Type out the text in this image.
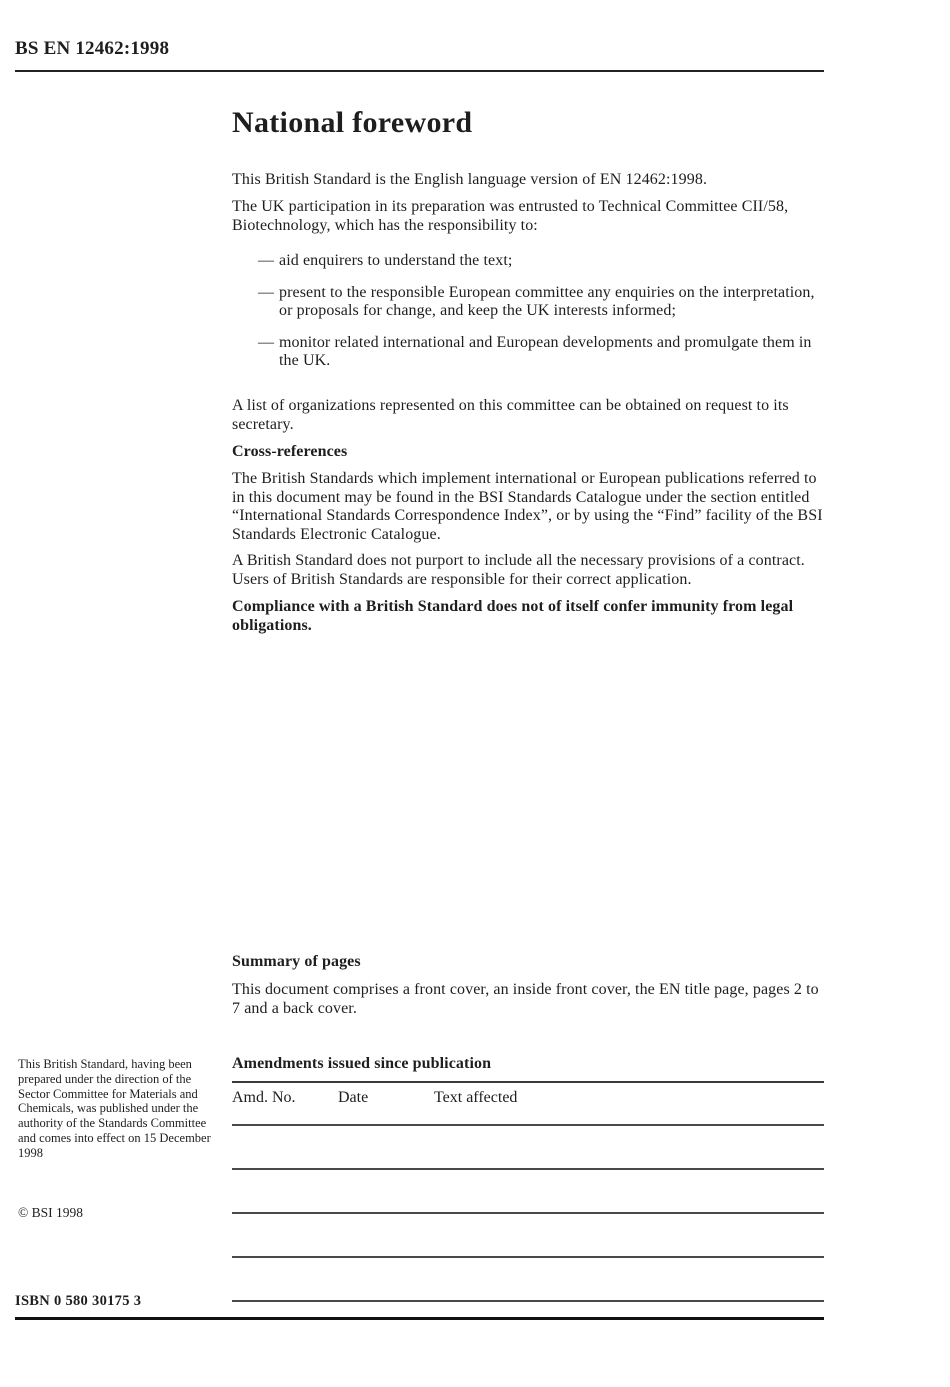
BS EN 12462:1998
National foreword

This British Standard is the English language version of EN 12462:1998.

The UK participation in its preparation was entrusted to Technical Committee CII/58, Biotechnology, which has the responsibility to:

— aid enquirers to understand the text;
— present to the responsible European committee any enquiries on the interpretation, or proposals for change, and keep the UK interests informed;
— monitor related international and European developments and promulgate them in the UK.

A list of organizations represented on this committee can be obtained on request to its secretary.

Cross-references

The British Standards which implement international or European publications referred to in this document may be found in the BSI Standards Catalogue under the section entitled “International Standards Correspondence Index”, or by using the “Find” facility of the BSI Standards Electronic Catalogue.

A British Standard does not purport to include all the necessary provisions of a contract. Users of British Standards are responsible for their correct application.

Compliance with a British Standard does not of itself confer immunity from legal obligations.

Summary of pages

This document comprises a front cover, an inside front cover, the EN title page, pages 2 to 7 and a back cover.

Amendments issued since publication
Amd. No.	Date	Text affected

This British Standard, having been prepared under the direction of the Sector Committee for Materials and Chemicals, was published under the authority of the Standards Committee and comes into effect on 15 December 1998

© BSI 1998

ISBN 0 580 30175 3
